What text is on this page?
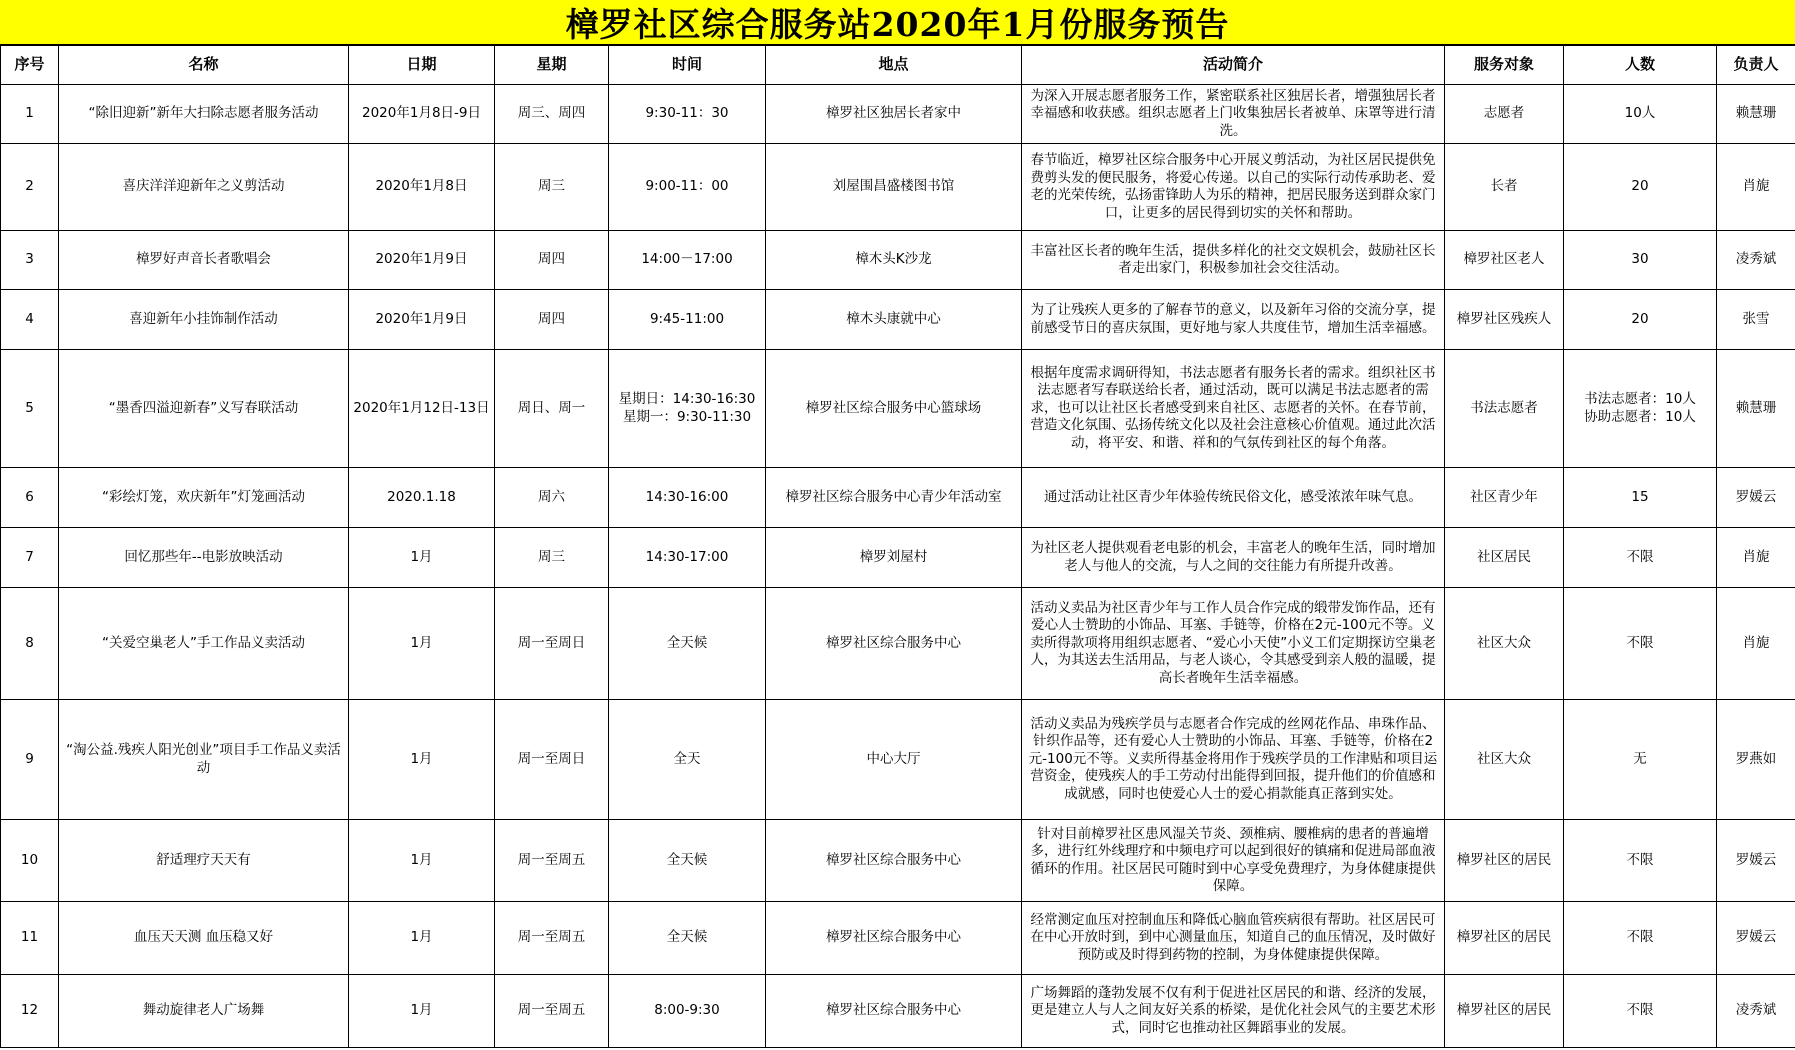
樟罗社区综合服务站2020年1月份服务预告
序号	名称	日期	星期	时间	地点	活动简介	服务对象	人数	负责人
1	“除旧迎新”新年大扫除志愿者服务活动	2020年1月8日-9日	周三、周四	9:30-11：30	樟罗社区独居长者家中	为深入开展志愿者服务工作，紧密联系社区独居长者，增强独居长者幸福感和收获感。组织志愿者上门收集独居长者被单、床罩等进行清洗。	志愿者	10人	赖慧珊
2	喜庆洋洋迎新年之义剪活动	2020年1月8日	周三	9:00-11：00	刘屋围昌盛楼图书馆	春节临近，樟罗社区综合服务中心开展义剪活动，为社区居民提供免费剪头发的便民服务，将爱心传递。以自己的实际行动传承助老、爱老的光荣传统，弘扬雷锋助人为乐的精神，把居民服务送到群众家门口，让更多的居民得到切实的关怀和帮助。	长者	20	肖旎
3	樟罗好声音长者歌唱会	2020年1月9日	周四	14:00－17:00	樟木头K沙龙	丰富社区长者的晚年生活，提供多样化的社交文娱机会，鼓励社区长者走出家门，积极参加社会交往活动。	樟罗社区老人	30	凌秀斌
4	喜迎新年小挂饰制作活动	2020年1月9日	周四	9:45-11:00	樟木头康就中心	为了让残疾人更多的了解春节的意义，以及新年习俗的交流分享，提前感受节日的喜庆氛围，更好地与家人共度佳节，增加生活幸福感。	樟罗社区残疾人	20	张雪
5	“墨香四溢迎新春”义写春联活动	2020年1月12日-13日	周日、周一	星期日：14:30-16:30
星期一：9:30-11:30	樟罗社区综合服务中心篮球场	根据年度需求调研得知，书法志愿者有服务长者的需求。组织社区书法志愿者写春联送给长者，通过活动，既可以满足书法志愿者的需求，也可以让社区长者感受到来自社区、志愿者的关怀。在春节前，营造文化氛围、弘扬传统文化以及社会注意核心价值观。通过此次活动，将平安、和谐、祥和的气氛传到社区的每个角落。	书法志愿者	书法志愿者：10人
协助志愿者：10人	赖慧珊
6	“彩绘灯笼，欢庆新年”灯笼画活动	2020.1.18	周六	14:30-16:00	樟罗社区综合服务中心青少年活动室	通过活动让社区青少年体验传统民俗文化，感受浓浓年味气息。	社区青少年	15	罗媛云
7	回忆那些年--电影放映活动	1月	周三	14:30-17:00	樟罗刘屋村	为社区老人提供观看老电影的机会，丰富老人的晚年生活，同时增加老人与他人的交流，与人之间的交往能力有所提升改善。	社区居民	不限	肖旎
8	“关爱空巢老人”手工作品义卖活动	1月	周一至周日	全天候	樟罗社区综合服务中心	活动义卖品为社区青少年与工作人员合作完成的缎带发饰作品，还有爱心人士赞助的小饰品、耳塞、手链等，价格在2元-100元不等。义卖所得款项将用组织志愿者、“爱心小天使”小义工们定期探访空巢老人，为其送去生活用品，与老人谈心，令其感受到亲人般的温暖，提高长者晚年生活幸福感。	社区大众	不限	肖旎
9	“淘公益.残疾人阳光创业”项目手工作品义卖活动	1月	周一至周日	全天	中心大厅	活动义卖品为残疾学员与志愿者合作完成的丝网花作品、串珠作品、针织作品等，还有爱心人士赞助的小饰品、耳塞、手链等，价格在2元-100元不等。义卖所得基金将用作于残疾学员的工作津贴和项目运营资金，使残疾人的手工劳动付出能得到回报，提升他们的价值感和成就感，同时也使爱心人士的爱心捐款能真正落到实处。	社区大众	无	罗燕如
10	舒适理疗天天有	1月	周一至周五	全天候	樟罗社区综合服务中心	针对目前樟罗社区患风湿关节炎、颈椎病、腰椎病的患者的普遍增多，进行红外线理疗和中频电疗可以起到很好的镇痛和促进局部血液循环的作用。社区居民可随时到中心享受免费理疗，为身体健康提供保障。	樟罗社区的居民	不限	罗媛云
11	血压天天测 血压稳又好	1月	周一至周五	全天候	樟罗社区综合服务中心	经常测定血压对控制血压和降低心脑血管疾病很有帮助。社区居民可在中心开放时到，到中心测量血压，知道自己的血压情况，及时做好预防或及时得到药物的控制，为身体健康提供保障。	樟罗社区的居民	不限	罗媛云
12	舞动旋律老人广场舞	1月	周一至周五	8:00-9:30	樟罗社区综合服务中心	广场舞蹈的蓬勃发展不仅有利于促进社区居民的和谐、经济的发展，更是建立人与人之间友好关系的桥梁，是优化社会风气的主要艺术形式，同时它也推动社区舞蹈事业的发展。	樟罗社区的居民	不限	凌秀斌
